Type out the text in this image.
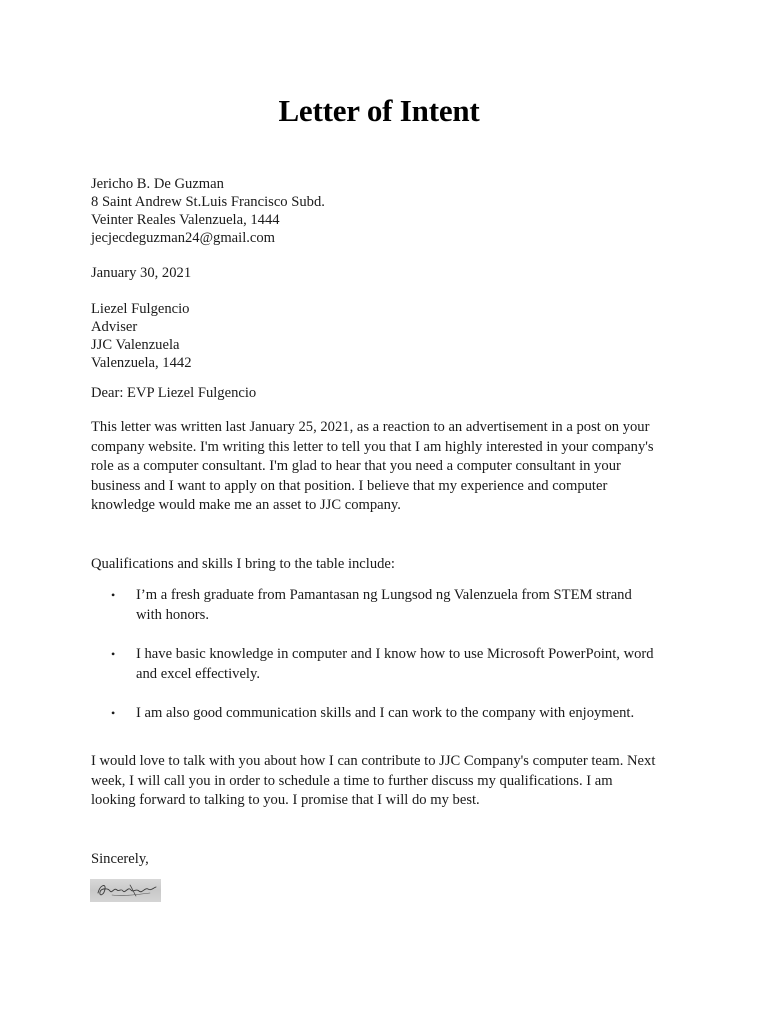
Letter of Intent
Jericho B. De Guzman
8 Saint Andrew St.Luis Francisco Subd.
Veinter Reales Valenzuela, 1444
jecjecdeguzman24@gmail.com
January 30, 2021
Liezel Fulgencio
Adviser
JJC Valenzuela
Valenzuela, 1442
Dear: EVP Liezel Fulgencio
This letter was written last January 25, 2021, as a reaction to an advertisement in a post on your
company website. I'm writing this letter to tell you that I am highly interested in your company's
role as a computer consultant. I'm glad to hear that you need a computer consultant in your
business and I want to apply on that position. I believe that my experience and computer
knowledge would make me an asset to JJC company.
Qualifications and skills I bring to the table include:
•	I’m a fresh graduate from Pamantasan ng Lungsod ng Valenzuela from STEM strand
with honors.
•	I have basic knowledge in computer and I know how to use Microsoft PowerPoint, word
and excel effectively.
•	I am also good communication skills and I can work to the company with enjoyment.
I would love to talk with you about how I can contribute to JJC Company's computer team. Next
week, I will call you in order to schedule a time to further discuss my qualifications. I am
looking forward to talking to you. I promise that I will do my best.
Sincerely,
